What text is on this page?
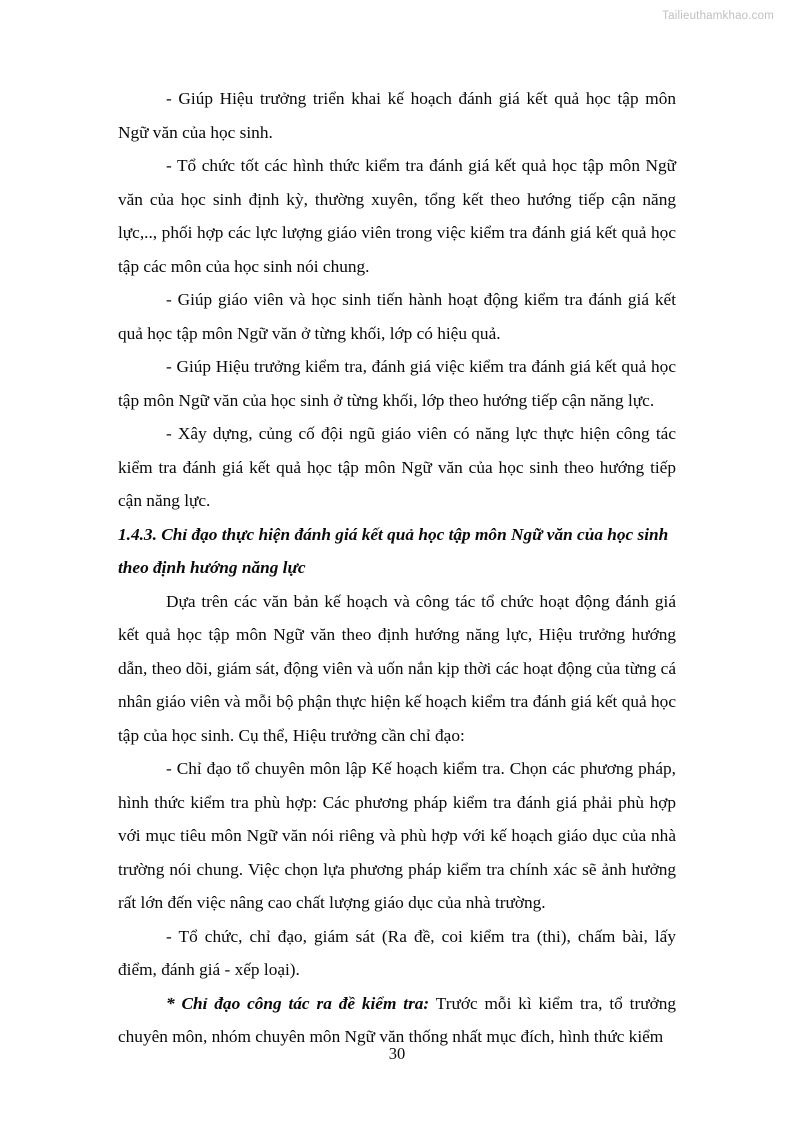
Tailieuthamkhao.com

- Giúp Hiệu trưởng triển khai kế hoạch đánh giá kết quả học tập môn Ngữ văn của học sinh.

- Tổ chức tốt các hình thức kiểm tra đánh giá kết quả học tập môn Ngữ văn của học sinh định kỳ, thường xuyên, tổng kết theo hướng tiếp cận năng lực,.., phối hợp các lực lượng giáo viên trong việc kiểm tra đánh giá kết quả học tập các môn của học sinh nói chung.

- Giúp giáo viên và học sinh tiến hành hoạt động kiểm tra đánh giá kết quả học tập môn Ngữ văn ở từng khối, lớp có hiệu quả.

- Giúp Hiệu trưởng kiểm tra, đánh giá việc kiểm tra đánh giá kết quả học tập môn Ngữ văn của học sinh ở từng khối, lớp theo hướng tiếp cận năng lực.

- Xây dựng, củng cố đội ngũ giáo viên có năng lực thực hiện công tác kiểm tra đánh giá kết quả học tập môn Ngữ văn của học sinh theo hướng tiếp cận năng lực.

1.4.3. Chỉ đạo thực hiện đánh giá kết quả học tập môn Ngữ văn của học sinh theo định hướng năng lực

Dựa trên các văn bản kế hoạch và công tác tổ chức hoạt động đánh giá kết quả học tập môn Ngữ văn theo định hướng năng lực, Hiệu trưởng hướng dẫn, theo dõi, giám sát, động viên và uốn nắn kịp thời các hoạt động của từng cá nhân giáo viên và mỗi bộ phận thực hiện kế hoạch kiểm tra đánh giá kết quả học tập của học sinh. Cụ thể, Hiệu trưởng cần chỉ đạo:

- Chỉ đạo tổ chuyên môn lập Kế hoạch kiểm tra. Chọn các phương pháp, hình thức kiểm tra phù hợp: Các phương pháp kiểm tra đánh giá phải phù hợp với mục tiêu môn Ngữ văn nói riêng và phù hợp với kế hoạch giáo dục của nhà trường nói chung. Việc chọn lựa phương pháp kiểm tra chính xác sẽ ảnh hưởng rất lớn đến việc nâng cao chất lượng giáo dục của nhà trường.

- Tổ chức, chỉ đạo, giám sát (Ra đề, coi kiểm tra (thi), chấm bài, lấy điểm, đánh giá - xếp loại).

* Chỉ đạo công tác ra đề kiểm tra: Trước mỗi kì kiểm tra, tổ trưởng chuyên môn, nhóm chuyên môn Ngữ văn thống nhất mục đích, hình thức kiểm

30
